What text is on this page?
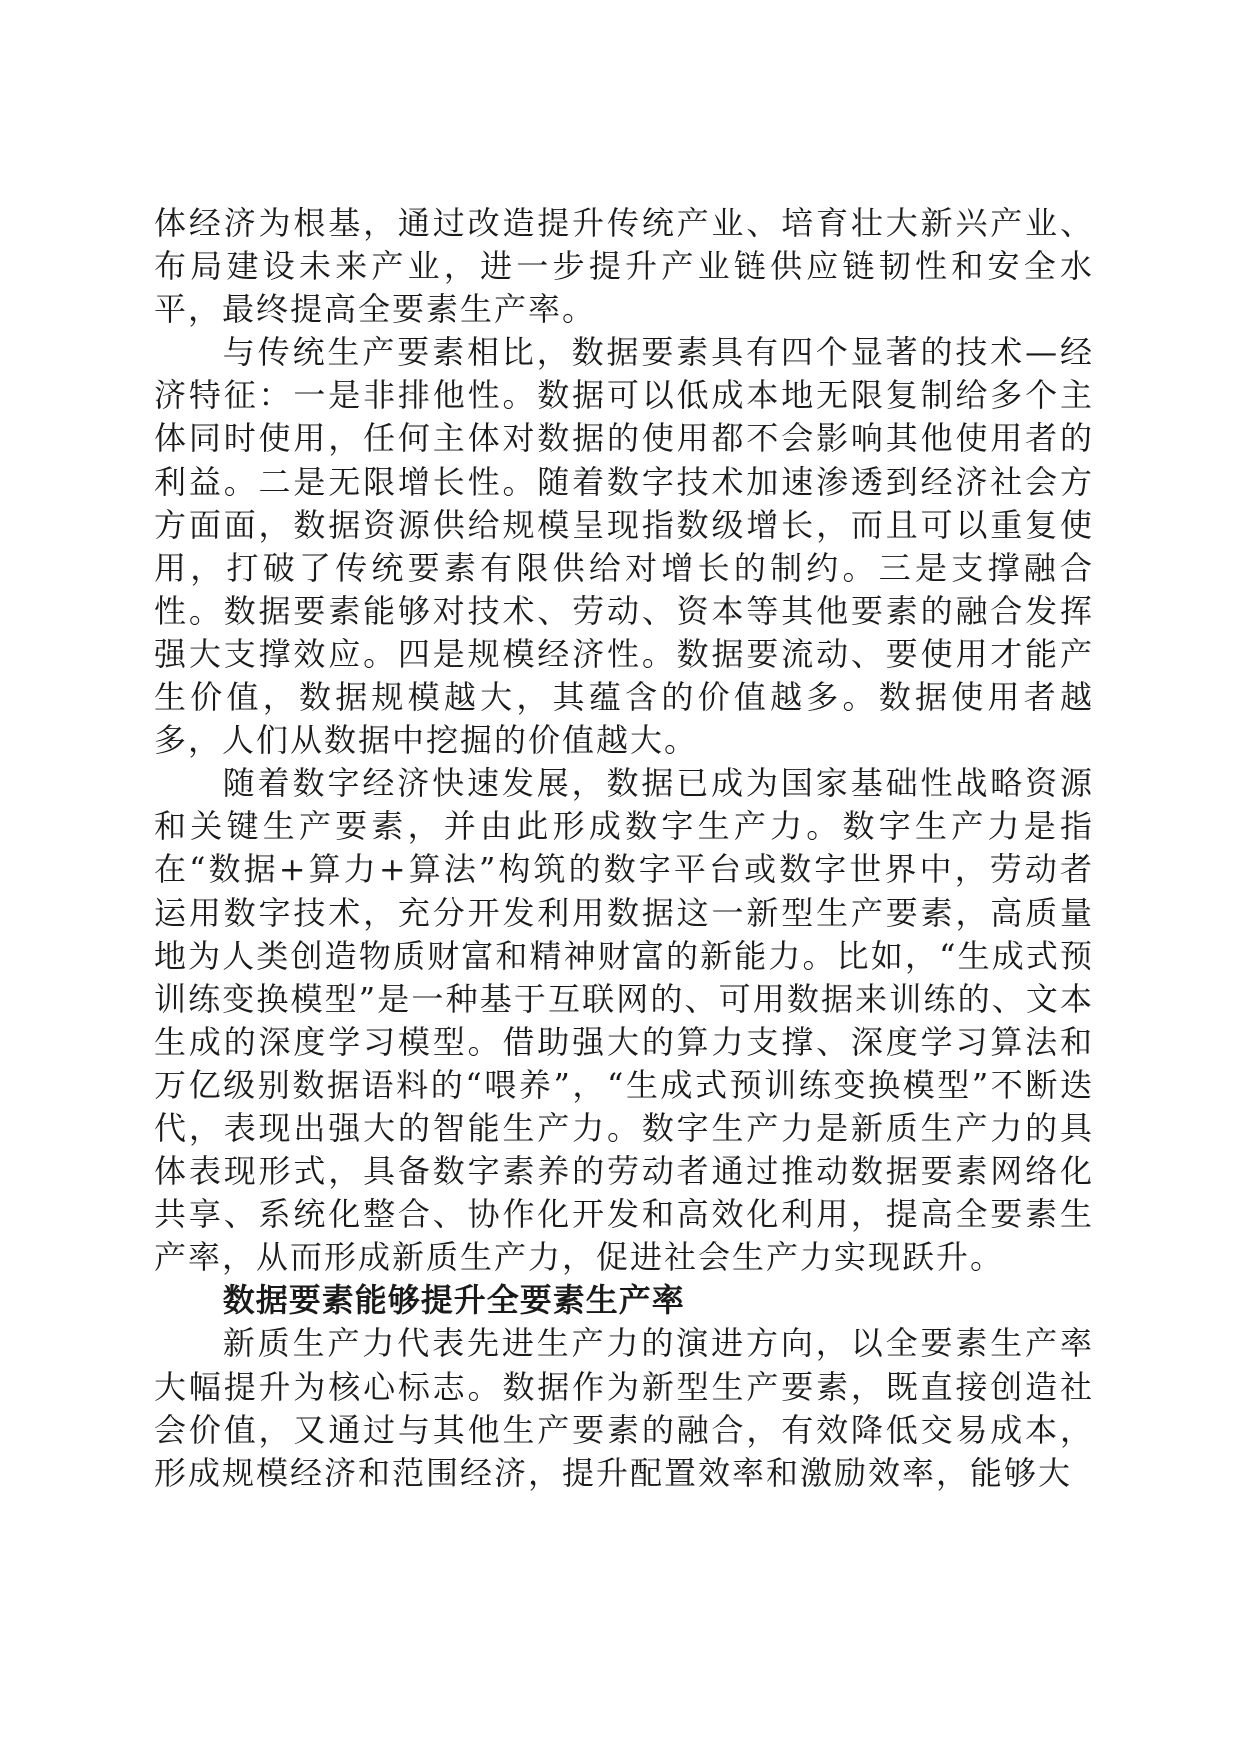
体经济为根基，通过改造提升传统产业、培育壮大新兴产业、布局建设未来产业，进一步提升产业链供应链韧性和安全水平，最终提高全要素生产率。

与传统生产要素相比，数据要素具有四个显著的技术—经济特征：一是非排他性。数据可以低成本地无限复制给多个主体同时使用，任何主体对数据的使用都不会影响其他使用者的利益。二是无限增长性。随着数字技术加速渗透到经济社会方方面面，数据资源供给规模呈现指数级增长，而且可以重复使用，打破了传统要素有限供给对增长的制约。三是支撑融合性。数据要素能够对技术、劳动、资本等其他要素的融合发挥强大支撑效应。四是规模经济性。数据要流动、要使用才能产生价值，数据规模越大，其蕴含的价值越多。数据使用者越多，人们从数据中挖掘的价值越大。

随着数字经济快速发展，数据已成为国家基础性战略资源和关键生产要素，并由此形成数字生产力。数字生产力是指在“数据+算力+算法”构筑的数字平台或数字世界中，劳动者运用数字技术，充分开发利用数据这一新型生产要素，高质量地为人类创造物质财富和精神财富的新能力。比如，“生成式预训练变换模型”是一种基于互联网的、可用数据来训练的、文本生成的深度学习模型。借助强大的算力支撑、深度学习算法和万亿级别数据语料的“喂养”，“生成式预训练变换模型”不断迭代，表现出强大的智能生产力。数字生产力是新质生产力的具体表现形式，具备数字素养的劳动者通过推动数据要素网络化共享、系统化整合、协作化开发和高效化利用，提高全要素生产率，从而形成新质生产力，促进社会生产力实现跃升。

数据要素能够提升全要素生产率

新质生产力代表先进生产力的演进方向，以全要素生产率大幅提升为核心标志。数据作为新型生产要素，既直接创造社会价值，又通过与其他生产要素的融合，有效降低交易成本，形成规模经济和范围经济，提升配置效率和激励效率，能够大
